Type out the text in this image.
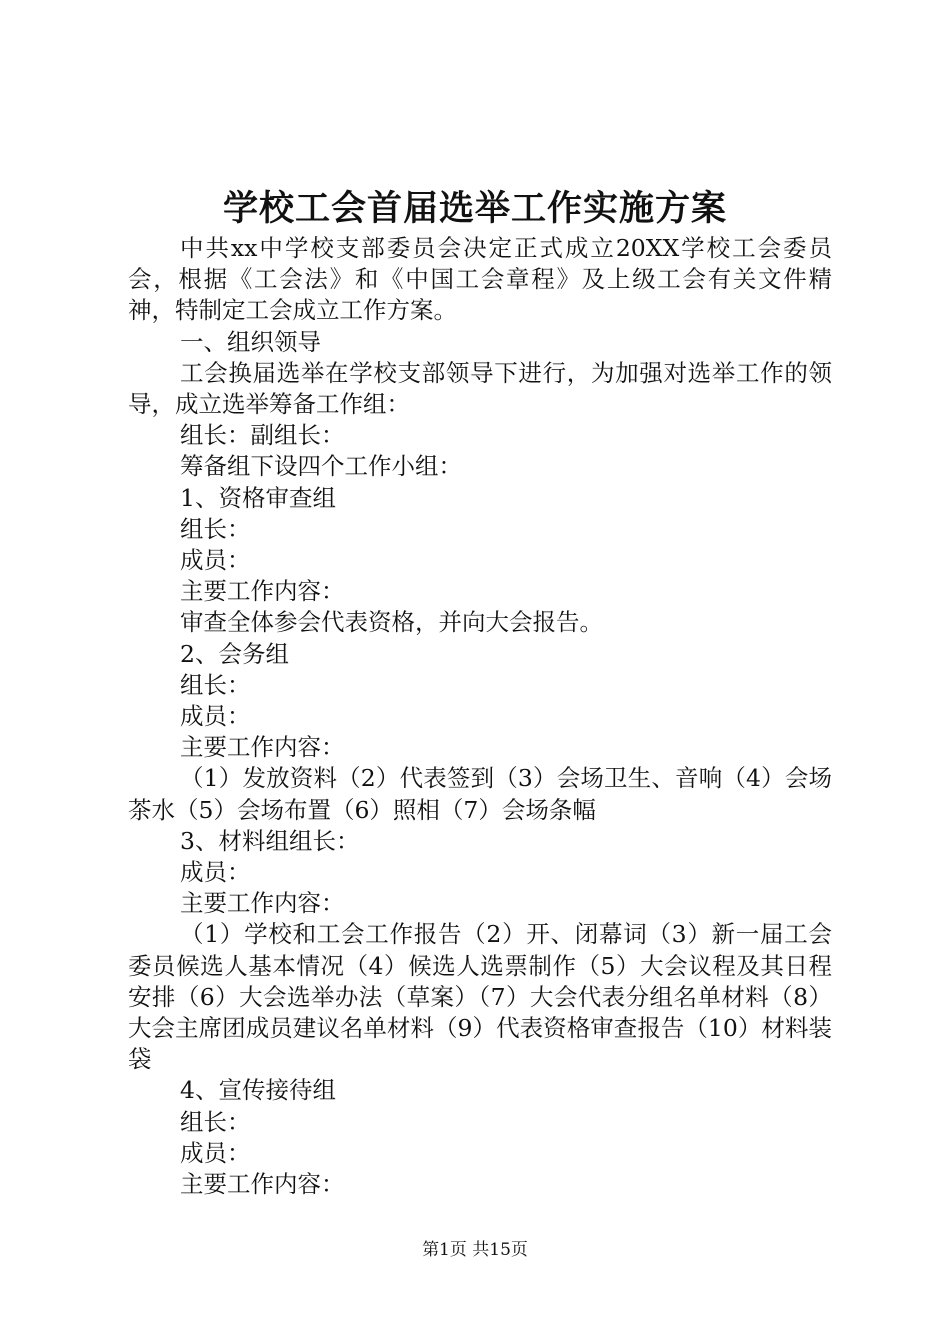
学校工会首届选举工作实施方案

中共xx中学校支部委员会决定正式成立20XX学校工会委员会，根据《工会法》和《中国工会章程》及上级工会有关文件精神，特制定工会成立工作方案。

一、组织领导

工会换届选举在学校支部领导下进行，为加强对选举工作的领导，成立选举筹备工作组：

组长：副组长：

筹备组下设四个工作小组：

1、资格审查组

组长：

成员：

主要工作内容：

审查全体参会代表资格，并向大会报告。

2、会务组

组长：

成员：

主要工作内容：

（1）发放资料（2）代表签到（3）会场卫生、音响（4）会场茶水（5）会场布置（6）照相（7）会场条幅

3、材料组组长：

成员：

主要工作内容：

（1）学校和工会工作报告（2）开、闭幕词（3）新一届工会委员候选人基本情况（4）候选人选票制作（5）大会议程及其日程安排（6）大会选举办法（草案）（7）大会代表分组名单材料（8）大会主席团成员建议名单材料（9）代表资格审查报告（10）材料装袋

4、宣传接待组

组长：

成员：

主要工作内容：

第1页 共15页
